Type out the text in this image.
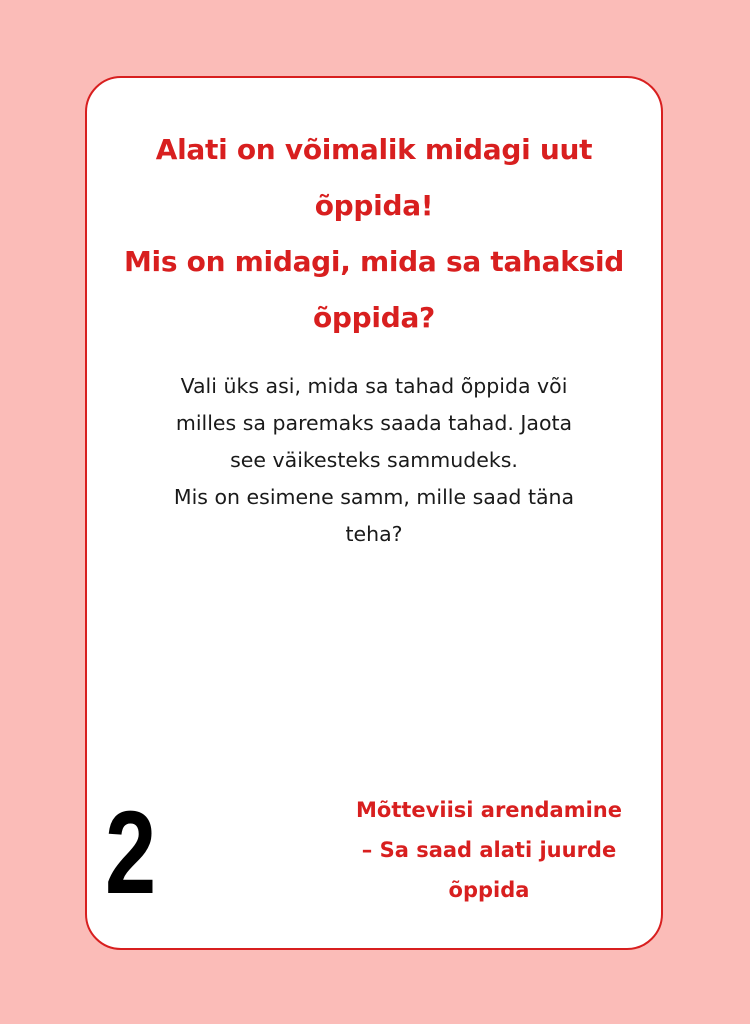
Alati on võimalik midagi uut
õppida!
Mis on midagi, mida sa tahaksid
õppida?
Vali üks asi, mida sa tahad õppida või
milles sa paremaks saada tahad. Jaota
see väikesteks sammudeks.
Mis on esimene samm, mille saad täna
teha?
2	Mõtteviisi arendamine
– Sa saad alati juurde
õppida
